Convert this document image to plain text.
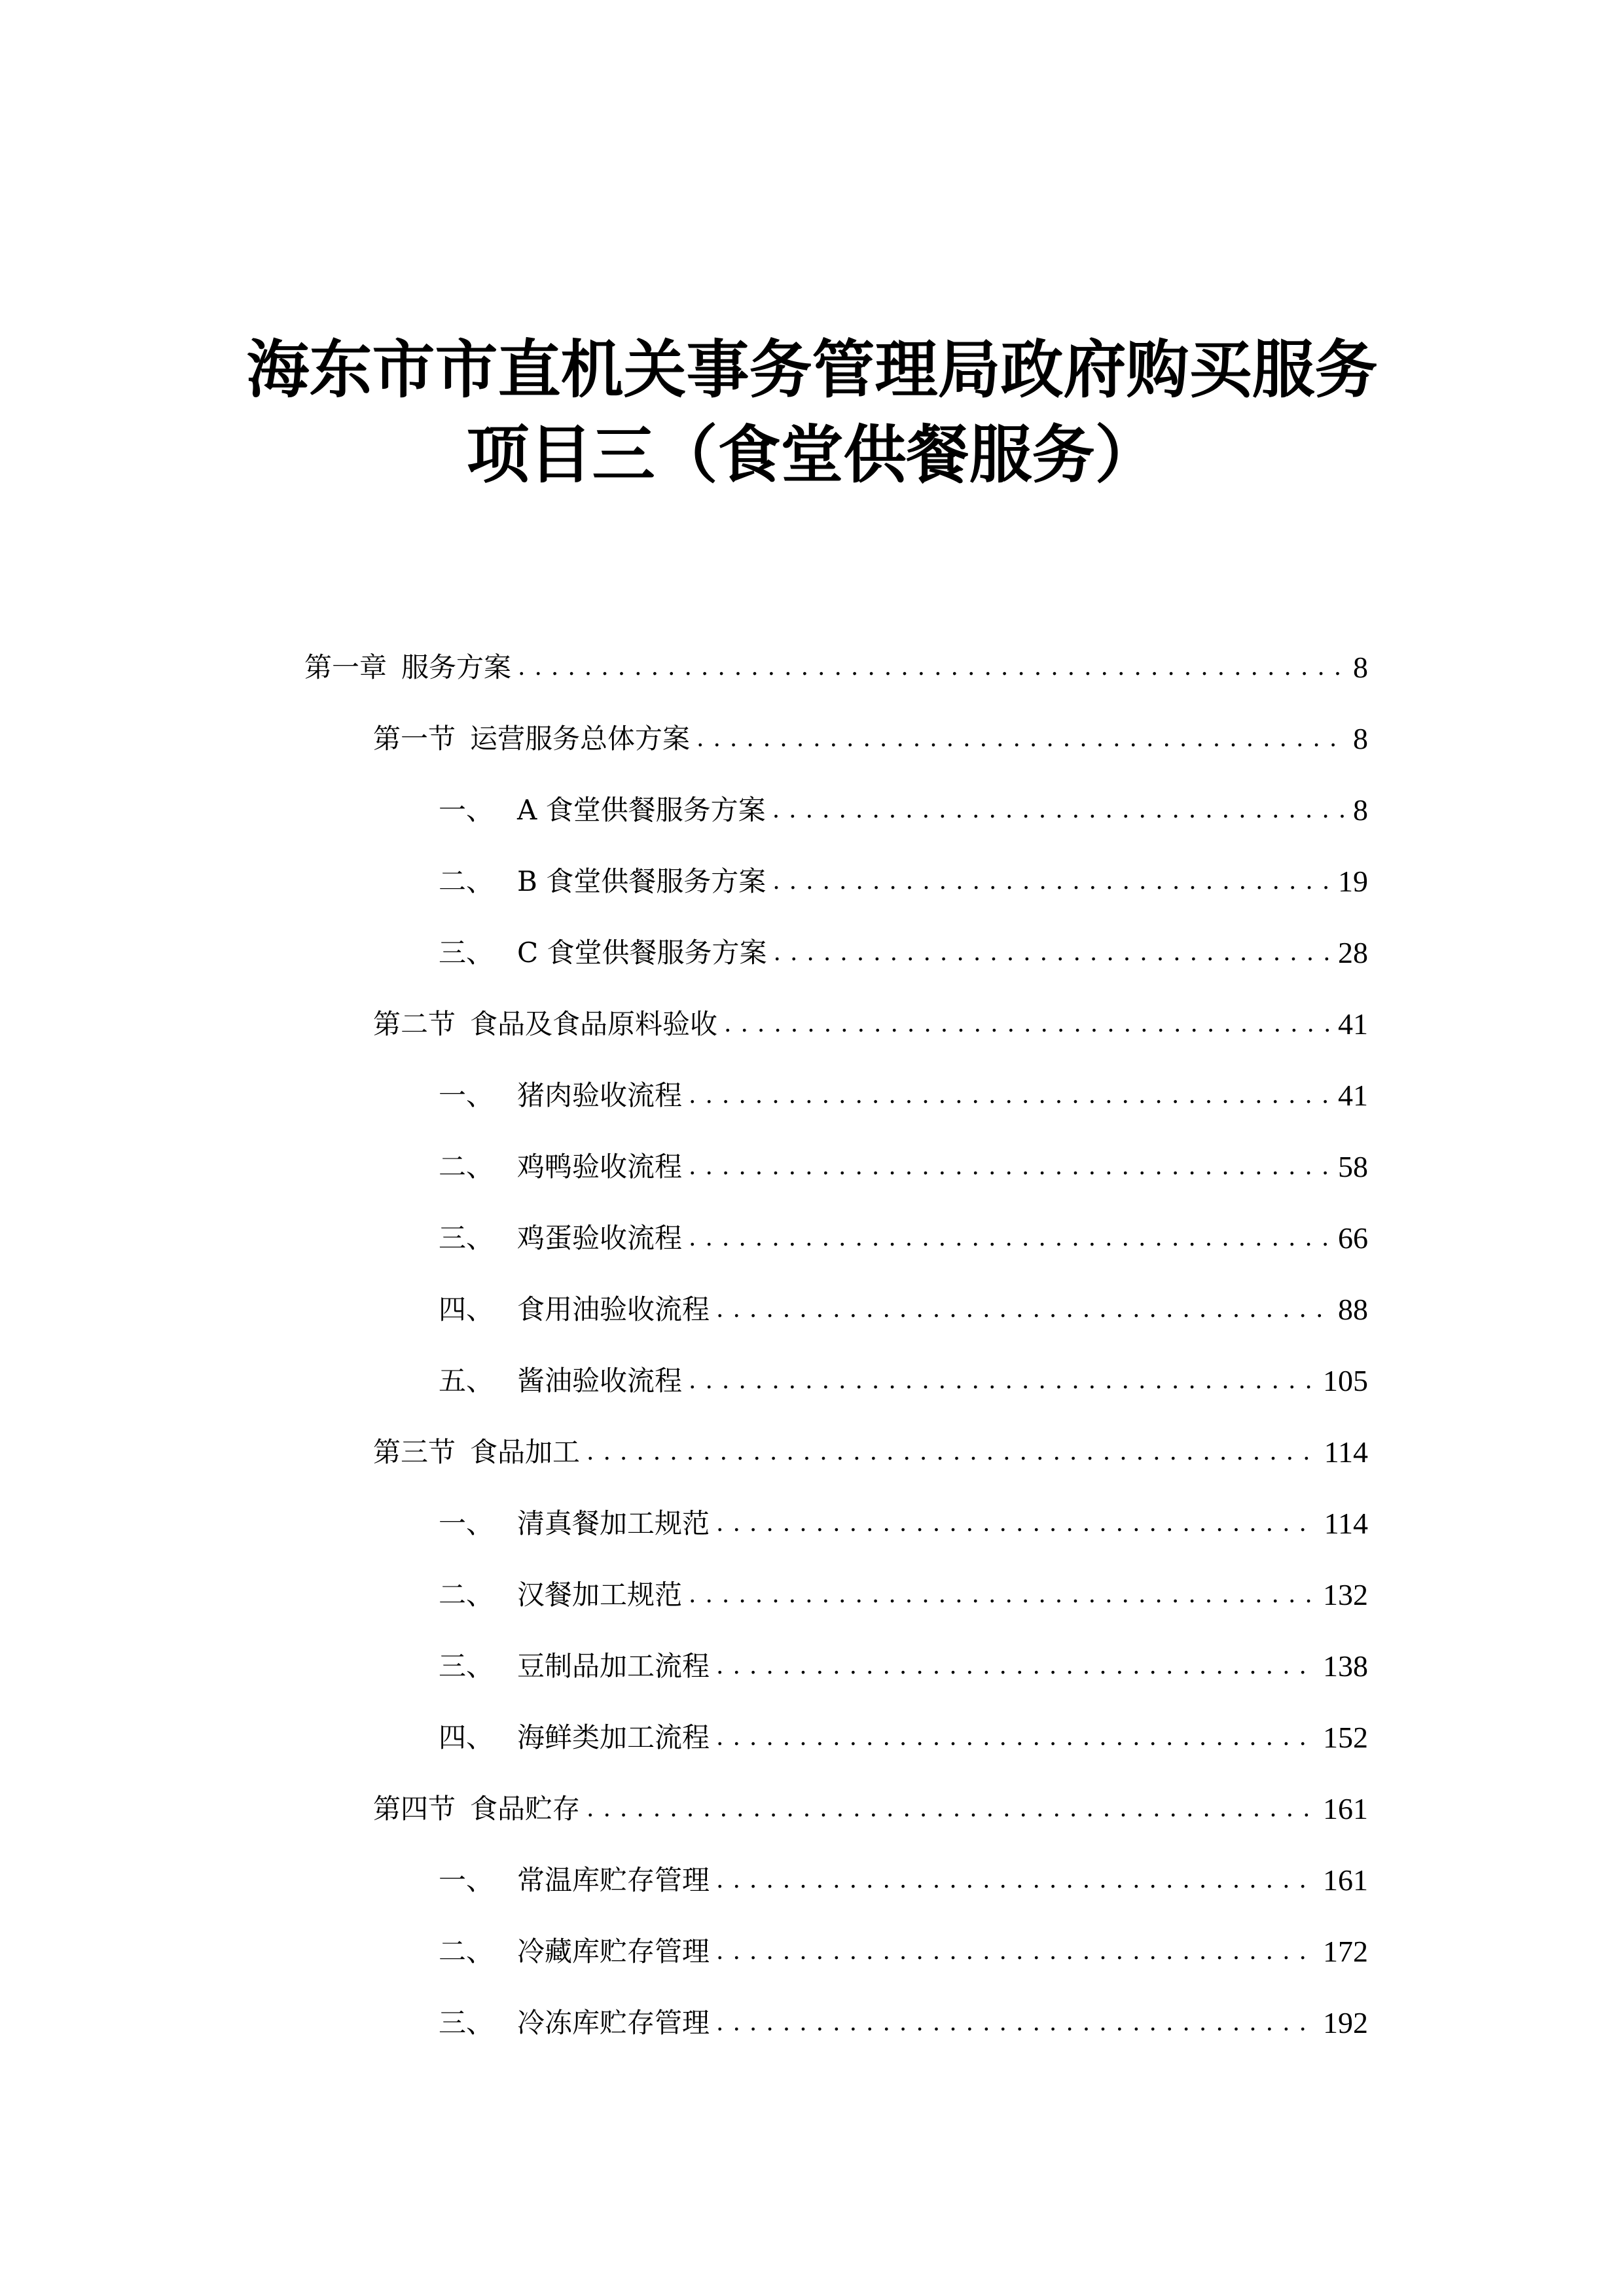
海东市市直机关事务管理局政府购买服务
项目三（食堂供餐服务）
第一章 服务方案 .....	8
第一节 运营服务总体方案 .....	8
一、 A 食堂供餐服务方案 .....	8
二、 B 食堂供餐服务方案 .....	19
三、 C 食堂供餐服务方案 .....	28
第二节 食品及食品原料验收 .....	41
一、 猪肉验收流程 .....	41
二、 鸡鸭验收流程 .....	58
三、 鸡蛋验收流程 .....	66
四、 食用油验收流程 .....	88
五、 酱油验收流程 .....	105
第三节 食品加工 .....	114
一、 清真餐加工规范 .....	114
二、 汉餐加工规范 .....	132
三、 豆制品加工流程 .....	138
四、 海鲜类加工流程 .....	152
第四节 食品贮存 .....	161
一、 常温库贮存管理 .....	161
二、 冷藏库贮存管理 .....	172
三、 冷冻库贮存管理 .....	192
